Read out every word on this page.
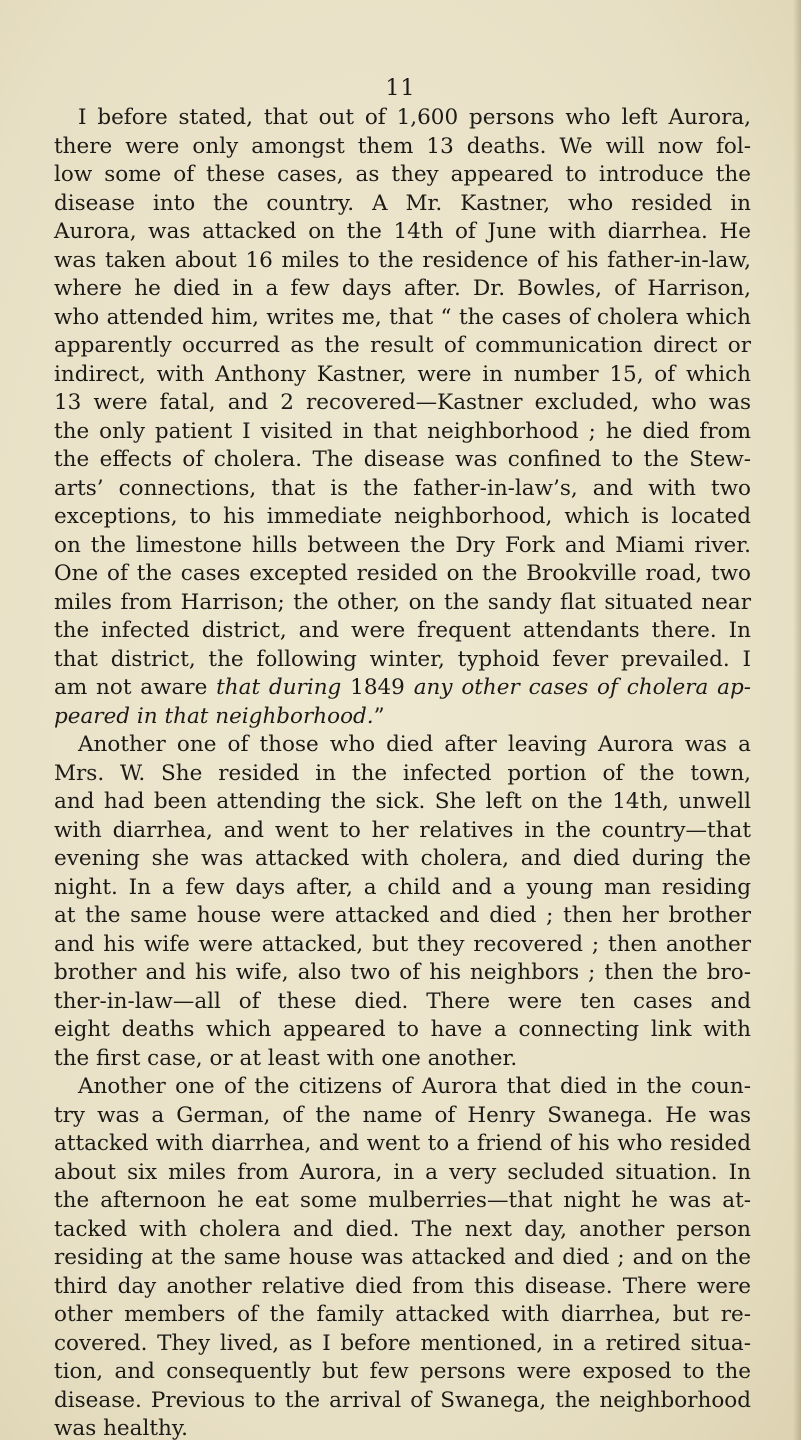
11
I before stated, that out of 1,600 persons who left Aurora,
there were only amongst them 13 deaths. We will now fol-
low some of these cases, as they appeared to introduce the
disease into the country. A Mr. Kastner, who resided in
Aurora, was attacked on the 14th of June with diarrhea. He
was taken about 16 miles to the residence of his father-in-law,
where he died in a few days after. Dr. Bowles, of Harrison,
who attended him, writes me, that “ the cases of cholera which
apparently occurred as the result of communication direct or
indirect, with Anthony Kastner, were in number 15, of which
13 were fatal, and 2 recovered—Kastner excluded, who was
the only patient I visited in that neighborhood ; he died from
the effects of cholera. The disease was confined to the Stew-
arts’ connections, that is the father-in-law’s, and with two
exceptions, to his immediate neighborhood, which is located
on the limestone hills between the Dry Fork and Miami river.
One of the cases excepted resided on the Brookville road, two
miles from Harrison; the other, on the sandy flat situated near
the infected district, and were frequent attendants there. In
that district, the following winter, typhoid fever prevailed. I
am not aware that during 1849 any other cases of cholera ap-
peared in that neighborhood.”
Another one of those who died after leaving Aurora was a
Mrs. W. She resided in the infected portion of the town,
and had been attending the sick. She left on the 14th, unwell
with diarrhea, and went to her relatives in the country—that
evening she was attacked with cholera, and died during the
night. In a few days after, a child and a young man residing
at the same house were attacked and died ; then her brother
and his wife were attacked, but they recovered ; then another
brother and his wife, also two of his neighbors ; then the bro-
ther-in-law—all of these died. There were ten cases and
eight deaths which appeared to have a connecting link with
the first case, or at least with one another.
Another one of the citizens of Aurora that died in the coun-
try was a German, of the name of Henry Swanega. He was
attacked with diarrhea, and went to a friend of his who resided
about six miles from Aurora, in a very secluded situation. In
the afternoon he eat some mulberries—that night he was at-
tacked with cholera and died. The next day, another person
residing at the same house was attacked and died ; and on the
third day another relative died from this disease. There were
other members of the family attacked with diarrhea, but re-
covered. They lived, as I before mentioned, in a retired situa-
tion, and consequently but few persons were exposed to the
disease. Previous to the arrival of Swanega, the neighborhood
was healthy.
